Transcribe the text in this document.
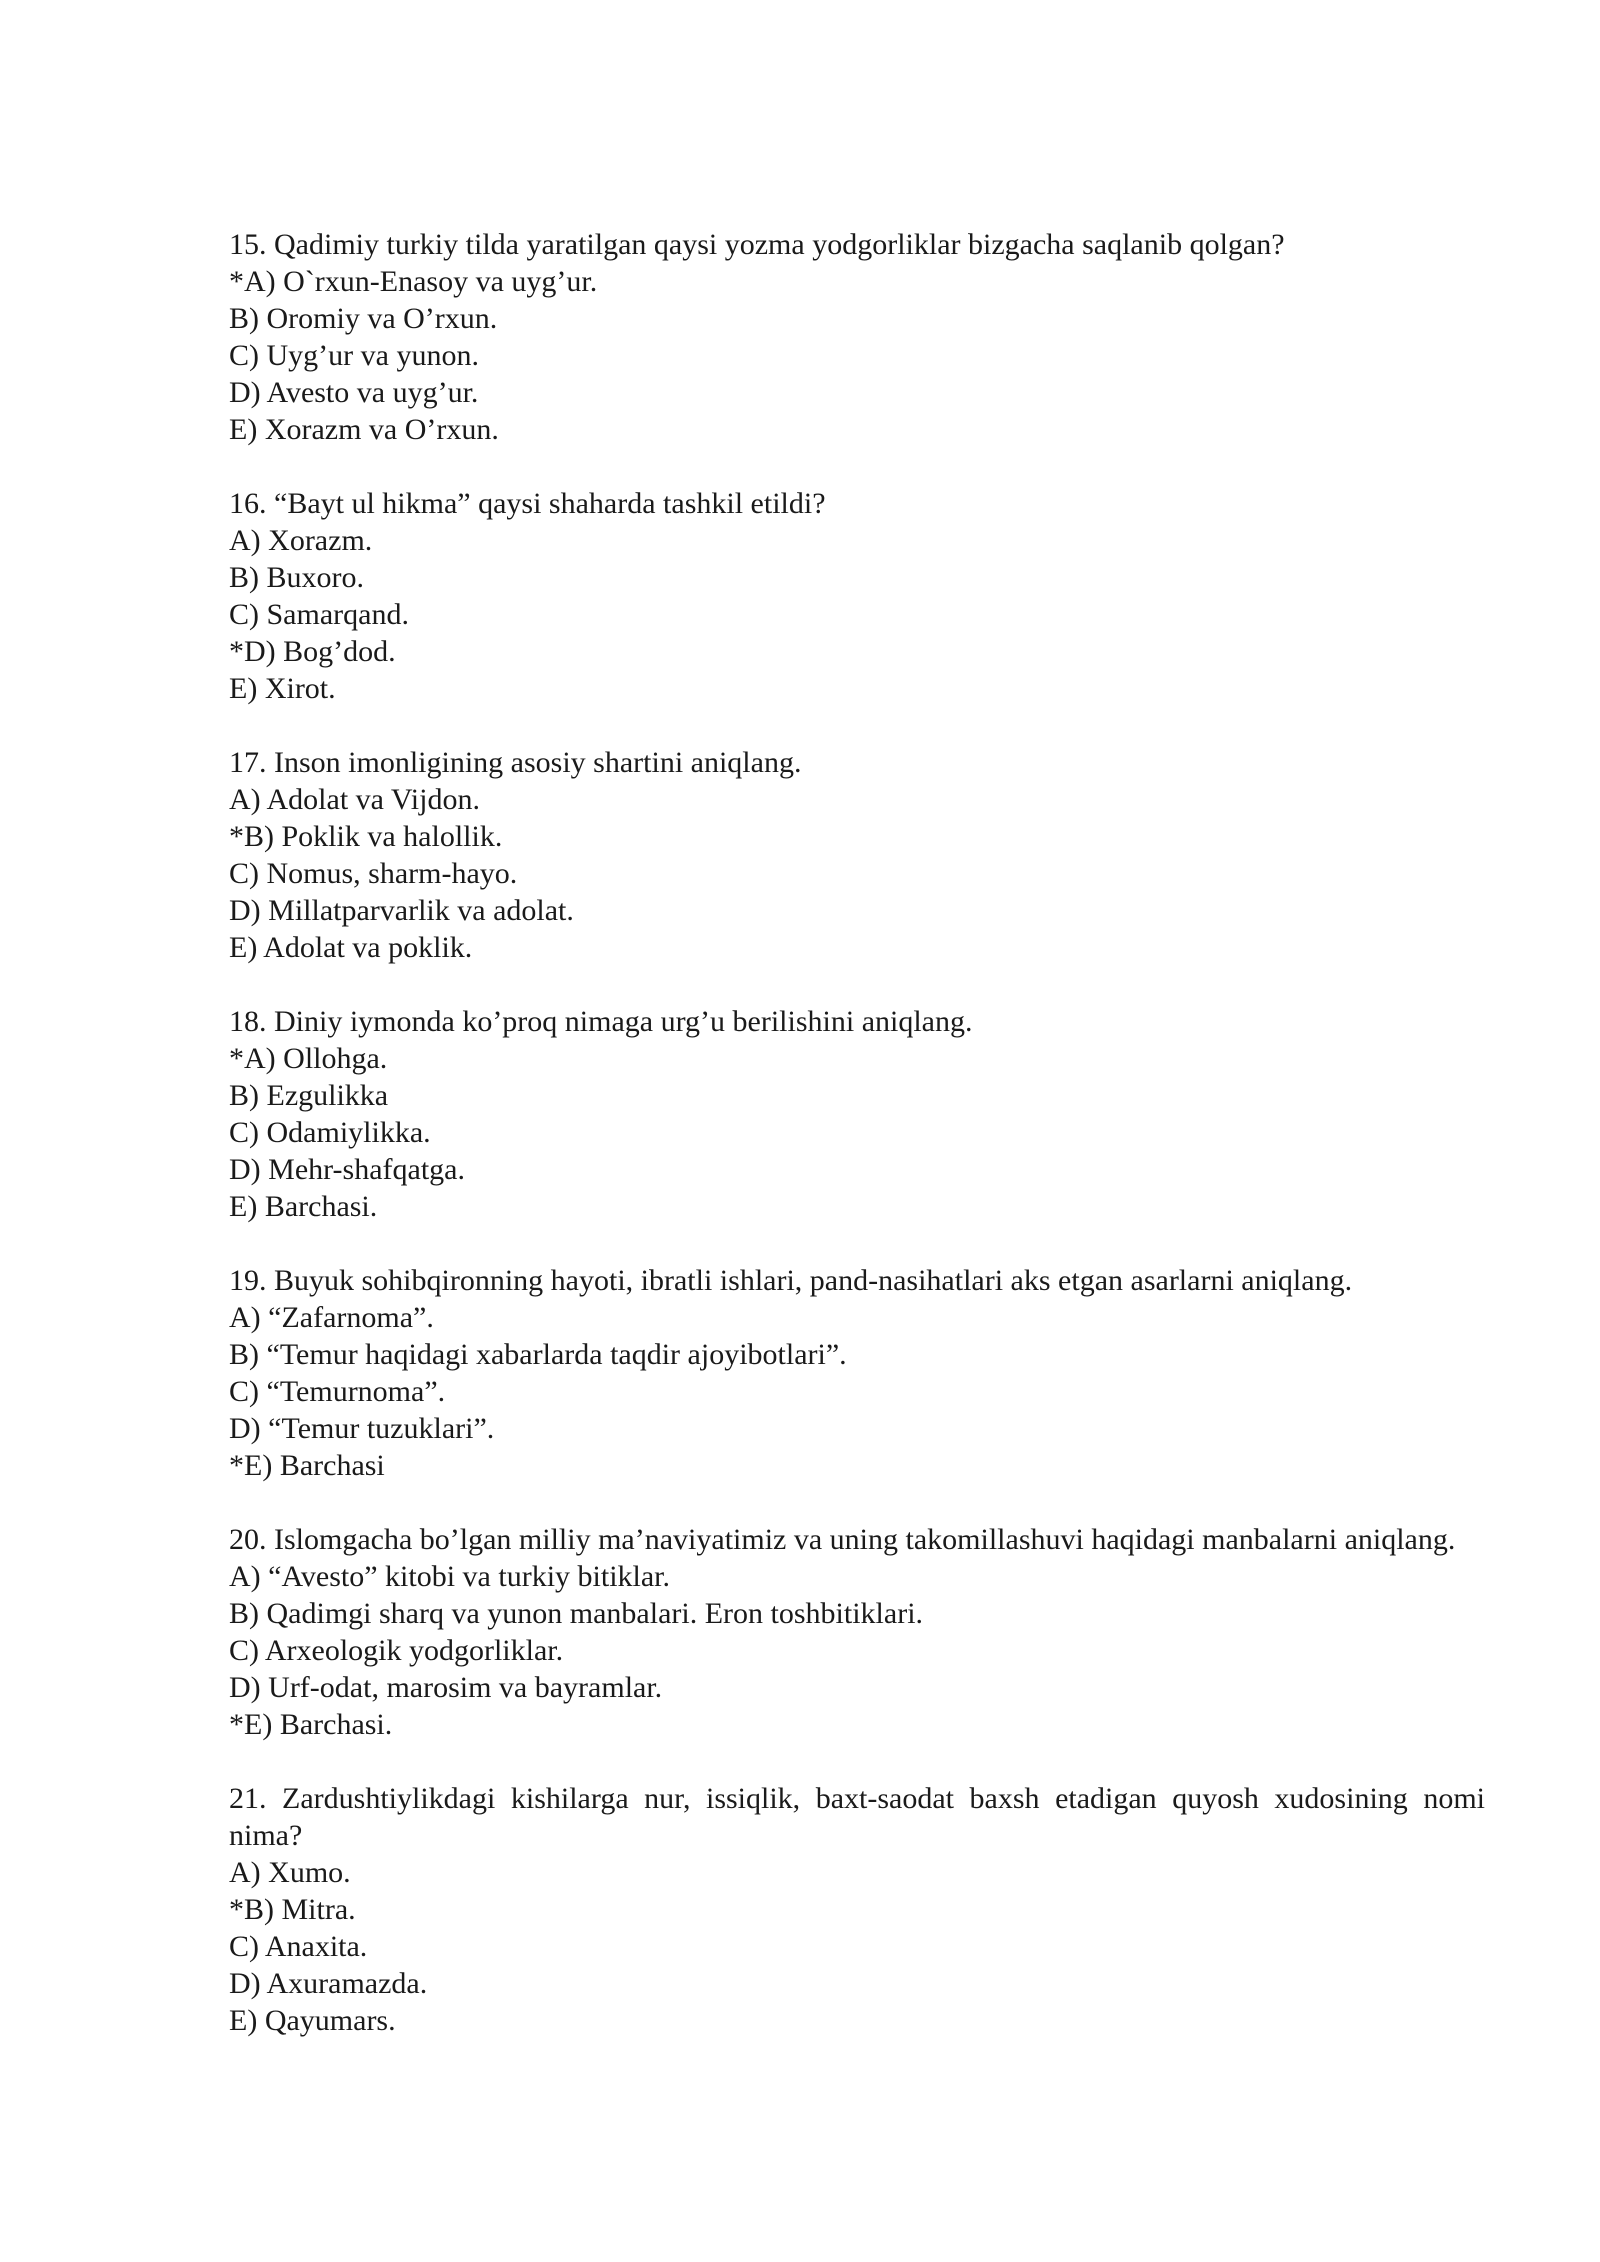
15. Qadimiy turkiy tilda yaratilgan qaysi yozma yodgorliklar bizgacha saqlanib qolgan?
*A) O`rxun-Enasoy va uyg’ur.
B) Oromiy va O’rxun.
C) Uyg’ur va yunon.
D) Avesto va uyg’ur.
E) Xorazm va O’rxun.
16. “Bayt ul hikma” qaysi shaharda tashkil etildi?
A) Xorazm.
B) Buxoro.
C) Samarqand.
*D) Bog’dod.
E) Xirot.
17. Inson imonligining asosiy shartini aniqlang.
A) Adolat va Vijdon.
*B) Poklik va halollik.
C) Nomus, sharm-hayo.
D) Millatparvarlik va adolat.
E) Adolat va poklik.
18. Diniy iymonda ko’proq nimaga urg’u berilishini aniqlang.
*A) Ollohga.
B) Ezgulikka
C) Odamiylikka.
D) Mehr-shafqatga.
E) Barchasi.
19. Buyuk sohibqironning hayoti, ibratli ishlari, pand-nasihatlari aks etgan asarlarni aniqlang.
A) “Zafarnoma”.
B) “Temur haqidagi xabarlarda taqdir ajoyibotlari”.
C) “Temurnoma”.
D) “Temur tuzuklari”.
*E) Barchasi
20. Islomgacha bo’lgan milliy ma’naviyatimiz va uning takomillashuvi haqidagi manbalarni aniqlang.
A) “Avesto” kitobi va turkiy bitiklar.
B) Qadimgi sharq va yunon manbalari. Eron toshbitiklari.
C) Arxeologik yodgorliklar.
D) Urf-odat, marosim va bayramlar.
*E) Barchasi.
21. Zardushtiylikdagi kishilarga nur, issiqlik, baxt-saodat baxsh etadigan quyosh xudosining nomi nima?
A) Xumo.
*B) Mitra.
C) Anaxita.
D) Axuramazda.
E) Qayumars.
